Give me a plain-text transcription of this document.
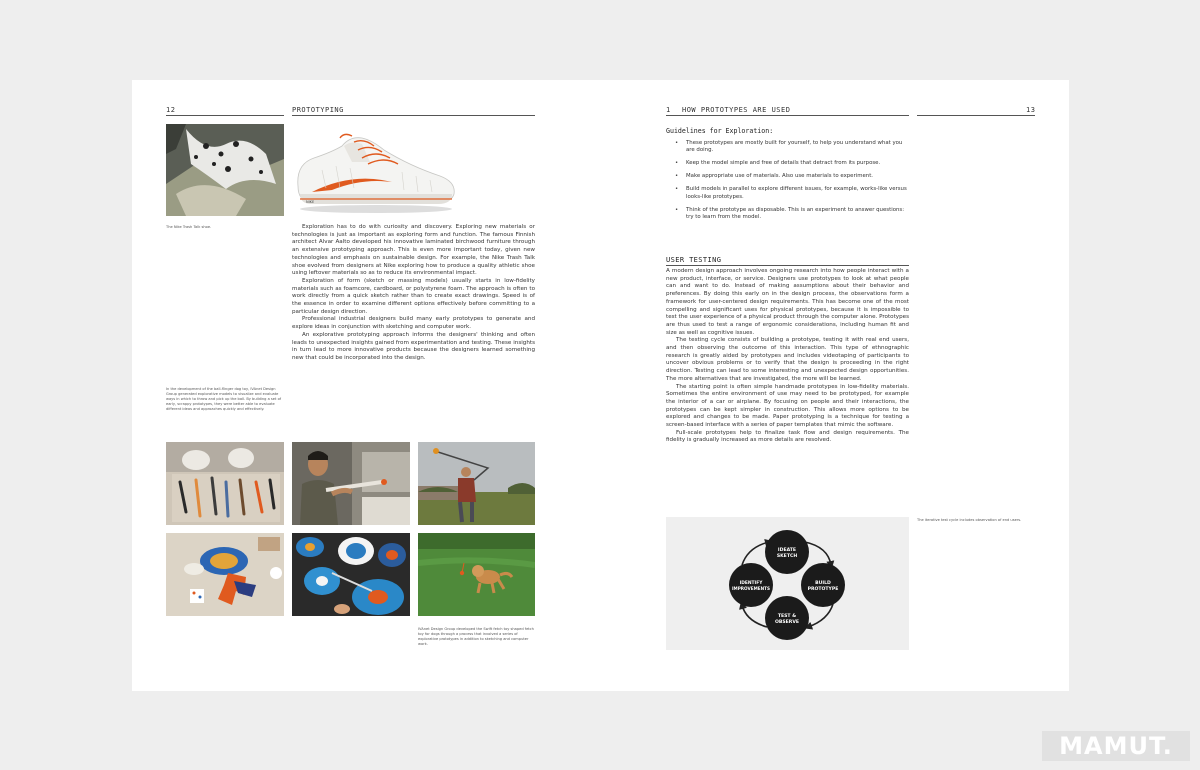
12	PROTOTYPING
The Nike Trash Talk shoe.
NIKE

Exploration has to do with curiosity and discovery. Exploring new materials or technologies is just as important as exploring form and function. The famous Finnish architect Alvar Aalto developed his innovative laminated birchwood furniture through an extensive prototyping approach. This is even more important today, given new technologies and emphasis on sustainable design. For example, the Nike Trash Talk shoe evolved from designers at Nike exploring how to produce a quality athletic shoe using leftover materials so as to reduce its environmental impact.

Exploration of form (sketch or massing models) usually starts in low-fidelity materials such as foamcore, cardboard, or polystyrene foam. The approach is often to work directly from a quick sketch rather than to create exact drawings. Speed is of the essence in order to examine different options effectively before committing to a particular design direction.

Professional industrial designers build many early prototypes to generate and explore ideas in conjunction with sketching and computer work.

An explorative prototyping approach informs the designers' thinking and often leads to unexpected insights gained from experimentation and testing. These insights in turn lead to more innovative products because the designers learned something new that could be incorporated into the design.

In the development of the ball-flinger dog toy, IVAnet Design Group generated explorative models to visualize and evaluate ways in which to throw and pick up the ball. By building a set of early, scrappy prototypes, they were better able to evaluate different ideas and approaches quickly and effectively.
IVAnet Design Group developed the Swift fetch toy shaped fetch toy for dogs through a process that involved a series of explorative prototypes in addition to sketching and computer work.
1 HOW PROTOTYPES ARE USED	13
Guidelines for Exploration:
• These prototypes are mostly built for yourself, to help you understand what you are doing.
• Keep the model simple and free of details that detract from its purpose.
• Make appropriate use of materials. Also use materials to experiment.
• Build models in parallel to explore different issues, for example, works-like versus looks-like prototypes.
• Think of the prototype as disposable. This is an experiment to answer questions: try to learn from the model.
USER TESTING

A modern design approach involves ongoing research into how people interact with a new product, interface, or service. Designers use prototypes to look at what people can and want to do. Instead of making assumptions about their behavior and preferences. By doing this early on in the design process, the observations form a framework for user-centered design requirements. This has become one of the most compelling and significant uses for physical prototypes, because it is impossible to test the user experience of a physical product through the computer alone. Prototypes are thus used to test a range of ergonomic considerations, including human fit and size as well as cognitive issues.

The testing cycle consists of building a prototype, testing it with real end users, and then observing the outcome of this interaction. This type of ethnographic research is greatly aided by prototypes and includes videotaping of participants to uncover obvious problems or to verify that the design is proceeding in the right direction. Testing can lead to some interesting and unexpected design opportunities. The more alternatives that are investigated, the more will be learned.

The starting point is often simple handmade prototypes in low-fidelity materials. Sometimes the entire environment of use may need to be prototyped, for example the interior of a car or airplane. By focusing on people and their interactions, the prototypes can be kept simpler in construction. This allows more options to be explored and changes to be made. Paper prototyping is a technique for testing a screen-based interface with a series of paper templates that mimic the software.

Full-scale prototypes help to finalize task flow and design requirements. The fidelity is gradually increased as more details are resolved.

IDEATE
SKETCH
BUILD
PROTOTYPE
TEST &
OBSERVE
IDENTIFY
IMPROVEMENTS
The iterative test cycle includes observation of end users.
MAMUT.
